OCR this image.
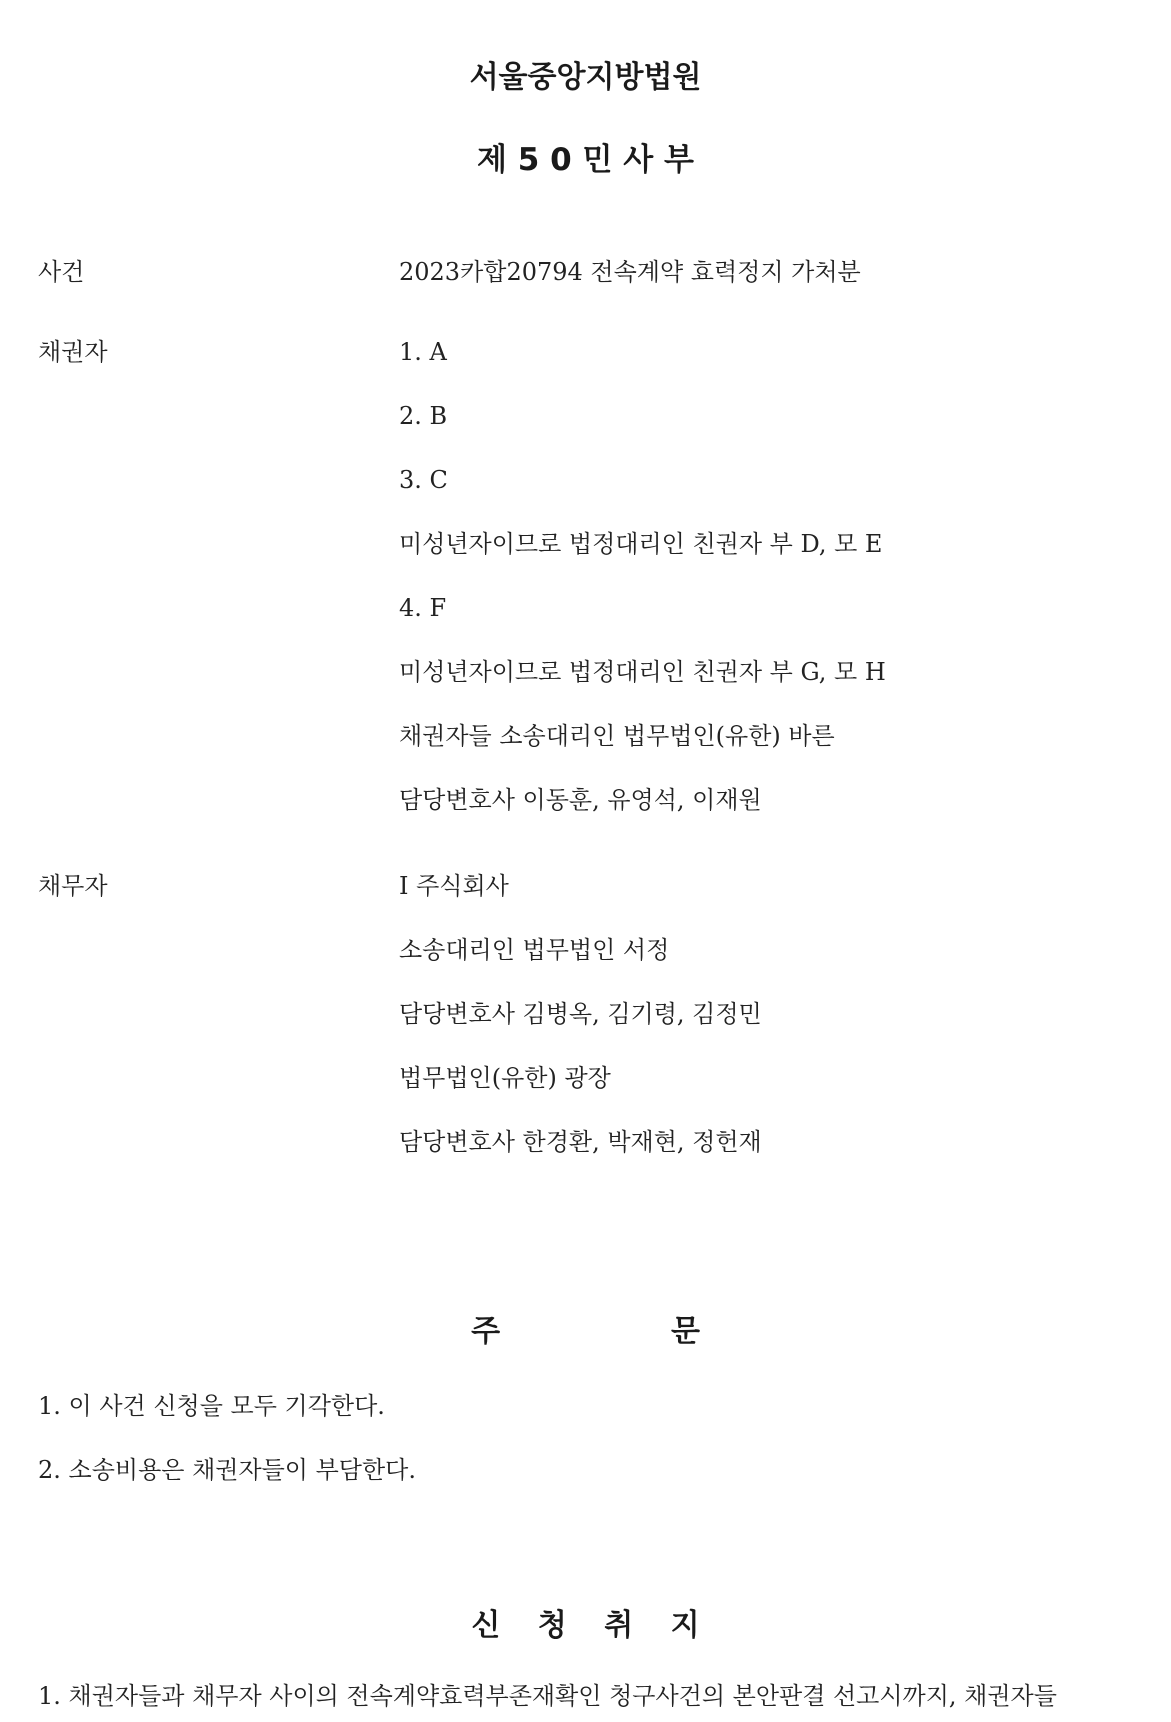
서울중앙지방법원
제 5 0 민 사 부
사건	2023카합20794 전속계약 효력정지 가처분
채권자	1. A
2. B
3. C
미성년자이므로 법정대리인 친권자 부 D, 모 E
4. F
미성년자이므로 법정대리인 친권자 부 G, 모 H
채권자들 소송대리인 법무법인(유한) 바른
담당변호사 이동훈, 유영석, 이재원
채무자	I 주식회사
소송대리인 법무법인 서정
담당변호사 김병옥, 김기령, 김정민
법무법인(유한) 광장
담당변호사 한경환, 박재현, 정헌재
주	문
1. 이 사건 신청을 모두 기각한다.
2. 소송비용은 채권자들이 부담한다.
신 청 취 지
1. 채권자들과 채무자 사이의 전속계약효력부존재확인 청구사건의 본안판결 선고시까지, 채권자들
